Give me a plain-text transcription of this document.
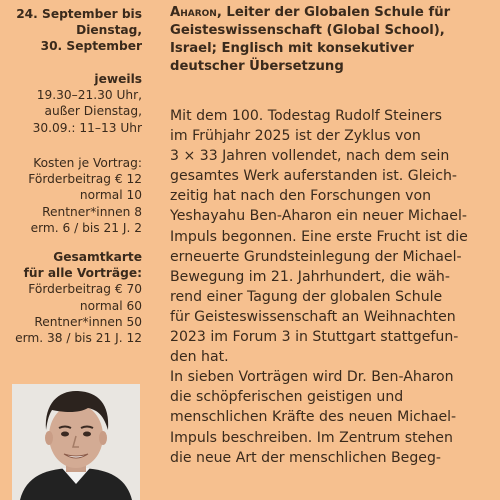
24. September bis
Dienstag,
30. September
jeweils
19.30–21.30 Uhr,
außer Dienstag,
30.09.: 11–13 Uhr
Kosten je Vortrag:
Förderbeitrag € 12
normal 10
Rentner*innen 8
erm. 6 / bis 21 J. 2
Gesamtkarte
für alle Vorträge:
Förderbeitrag € 70
normal 60
Rentner*innen 50
erm. 38 / bis 21 J. 12
Aharon, Leiter der Globalen Schule für
Geisteswissenschaft (Global School),
Israel; Englisch mit konsekutiver
deutscher Übersetzung
Mit dem 100. Todestag Rudolf Steiners
im Frühjahr 2025 ist der Zyklus von
3 × 33 Jahren vollendet, nach dem sein
gesamtes Werk auferstanden ist. Gleich-
zeitig hat nach den Forschungen von
Yeshayahu Ben-Aharon ein neuer Michael-
Impuls begonnen. Eine erste Frucht ist die
erneuerte Grundsteinlegung der Michael-
Bewegung im 21. Jahrhundert, die wäh-
rend einer Tagung der globalen Schule
für Geisteswissenschaft an Weihnachten
2023 im Forum 3 in Stuttgart stattgefun-
den hat.
In sieben Vorträgen wird Dr. Ben-Aharon
die schöpferischen geistigen und
menschlichen Kräfte des neuen Michael-
Impuls beschreiben. Im Zentrum stehen
die neue Art der menschlichen Begeg-
